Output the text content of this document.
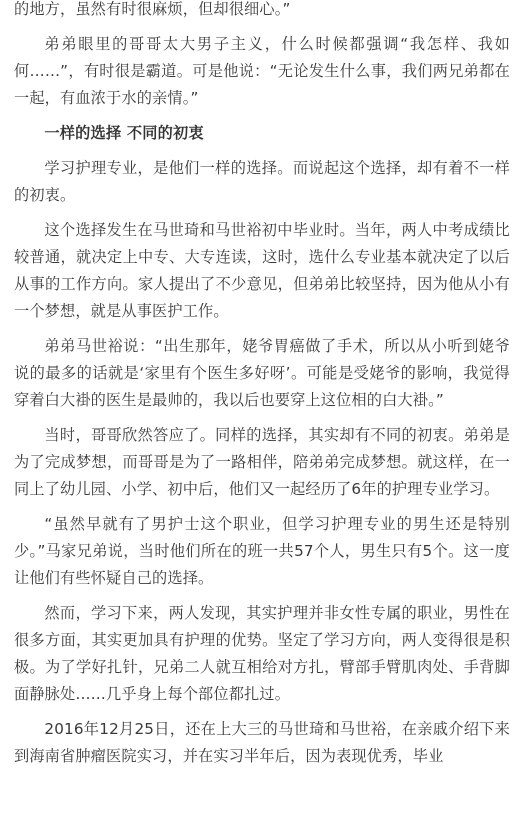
的地方，虽然有时很麻烦，但却很细心。”

弟弟眼里的哥哥太大男子主义，什么时候都强调“我怎样、我如何……”，有时很是霸道。可是他说：“无论发生什么事，我们两兄弟都在一起，有血浓于水的亲情。”

一样的选择 不同的初衷

学习护理专业，是他们一样的选择。而说起这个选择，却有着不一样的初衷。

这个选择发生在马世琦和马世裕初中毕业时。当年，两人中考成绩比较普通，就决定上中专、大专连读，这时，选什么专业基本就决定了以后从事的工作方向。家人提出了不少意见，但弟弟比较坚持，因为他从小有一个梦想，就是从事医护工作。

弟弟马世裕说：“出生那年，姥爷胃癌做了手术，所以从小听到姥爷说的最多的话就是‘家里有个医生多好呀’。可能是受姥爷的影响，我觉得穿着白大褂的医生是最帅的，我以后也要穿上这位相的白大褂。”

当时，哥哥欣然答应了。同样的选择，其实却有不同的初衷。弟弟是为了完成梦想，而哥哥是为了一路相伴，陪弟弟完成梦想。就这样，在一同上了幼儿园、小学、初中后，他们又一起经历了6年的护理专业学习。

“虽然早就有了男护士这个职业，但学习护理专业的男生还是特别少。”马家兄弟说，当时他们所在的班一共57个人，男生只有5个。这一度让他们有些怀疑自己的选择。

然而，学习下来，两人发现，其实护理并非女性专属的职业，男性在很多方面，其实更加具有护理的优势。坚定了学习方向，两人变得很是积极。为了学好扎针，兄弟二人就互相给对方扎，臂部手臂肌肉处、手背脚面静脉处……几乎身上每个部位都扎过。

2016年12月25日，还在上大三的马世琦和马世裕，在亲戚介绍下来到海南省肿瘤医院实习，并在实习半年后，因为表现优秀，毕业
